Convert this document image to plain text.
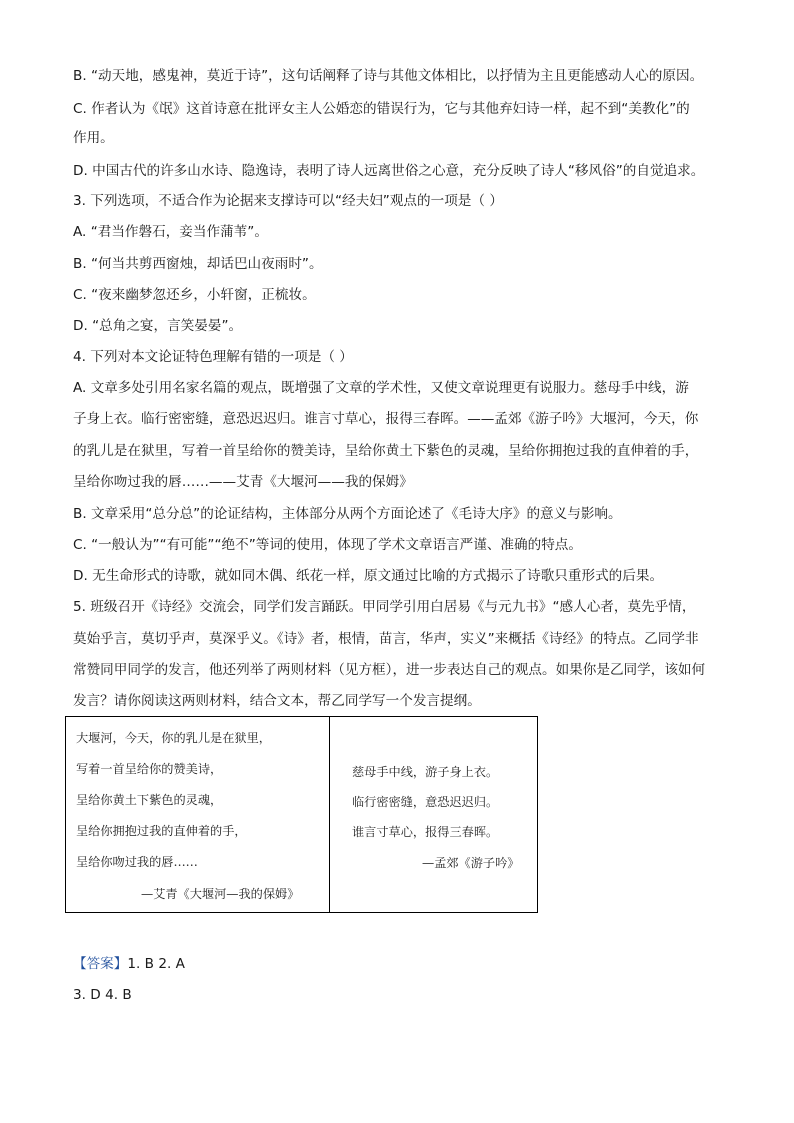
B. “动天地，感鬼神，莫近于诗”，这句话阐释了诗与其他文体相比，以抒情为主且更能感动人心的原因。

C. 作者认为《氓》这首诗意在批评女主人公婚恋的错误行为，它与其他弃妇诗一样，起不到“美教化”的

作用。

D. 中国古代的许多山水诗、隐逸诗，表明了诗人远离世俗之心意，充分反映了诗人“移风俗”的自觉追求。

3. 下列选项，不适合作为论据来支撑诗可以“经夫妇”观点的一项是（ ）

A. “君当作磐石，妾当作蒲苇”。

B. “何当共剪西窗烛，却话巴山夜雨时”。

C. “夜来幽梦忽还乡，小轩窗，正梳妆。

D. “总角之宴，言笑晏晏”。

4. 下列对本文论证特色理解有错的一项是（ ）

A. 文章多处引用名家名篇的观点，既增强了文章的学术性，又使文章说理更有说服力。慈母手中线，游

子身上衣。临行密密缝，意恐迟迟归。谁言寸草心，报得三春晖。——孟郊《游子吟》大堰河，今天，你

的乳儿是在狱里，写着一首呈给你的赞美诗，呈给你黄土下紫色的灵魂，呈给你拥抱过我的直伸着的手，

呈给你吻过我的唇……——艾青《大堰河——我的保姆》

B. 文章采用“总分总”的论证结构，主体部分从两个方面论述了《毛诗大序》的意义与影响。

C. “一般认为”“有可能”“绝不”等词的使用，体现了学术文章语言严谨、准确的特点。

D. 无生命形式的诗歌，就如同木偶、纸花一样，原文通过比喻的方式揭示了诗歌只重形式的后果。

5. 班级召开《诗经》交流会，同学们发言踊跃。甲同学引用白居易《与元九书》“感人心者，莫先乎情，

莫始乎言，莫切乎声，莫深乎义。《诗》者，根情，苗言，华声，实义”来概括《诗经》的特点。乙同学非

常赞同甲同学的发言，他还列举了两则材料（见方框），进一步表达自己的观点。如果你是乙同学，该如何

发言？请你阅读这两则材料，结合文本，帮乙同学写一个发言提纲。

大堰河，今天，你的乳儿是在狱里，

写着一首呈给你的赞美诗，

呈给你黄土下紫色的灵魂，

呈给你拥抱过我的直伸着的手，

呈给你吻过我的唇……

—艾青《大堰河—我的保姆》

慈母手中线，游子身上衣。

临行密密缝，意恐迟迟归。

谁言寸草心，报得三春晖。

—孟郊《游子吟》

【答案】1. B 2. A

3. D 4. B
